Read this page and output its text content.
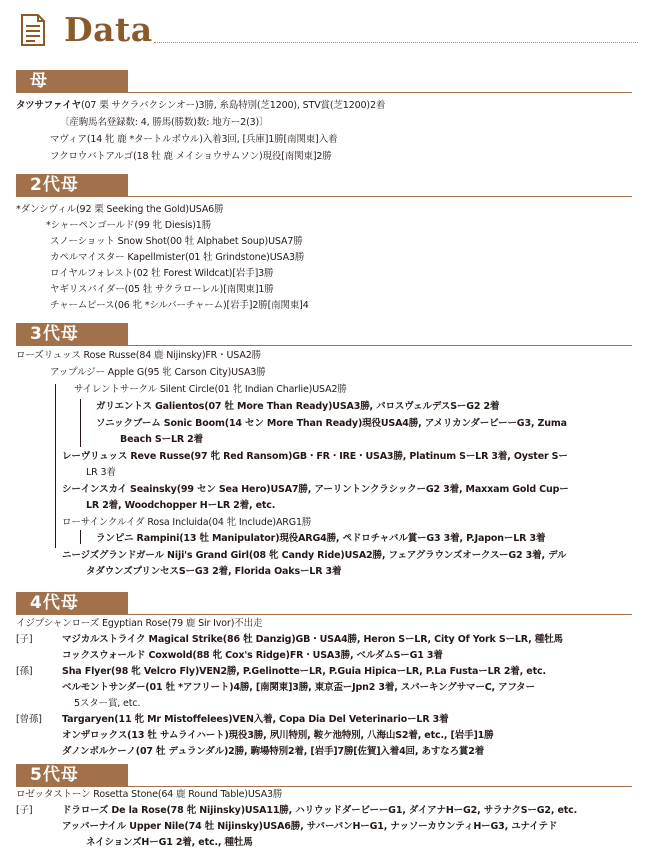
Data
母
タツサファイヤ(07 栗 サクラバクシンオー)3勝, 糸島特別(芝1200), STV賞(芝1200)2着
〔産駒馬名登録数: 4, 勝馬(勝数)数: 地方ー2(3)〕
マヴィア(14 牝 鹿 *タートルボウル)入着3回, [兵庫]1勝[南関東]入着
フクロウバトアルゴ(18 牡 鹿 メイショウサムソン)現役[南関東]2勝
2代母
*ダンシヴィル(92 栗 Seeking the Gold)USA6勝
*シャーペンゴールド(99 牝 Diesis)1勝
スノーショット Snow Shot(00 牡 Alphabet Soup)USA7勝
カペルマイスター Kapellmister(01 牡 Grindstone)USA3勝
ロイヤルフォレスト(02 牡 Forest Wildcat)[岩手]3勝
ヤギリスパイダー(05 牡 サクラローレル)[南関東]1勝
チャームピース(06 牝 *シルバーチャーム)[岩手]2勝[南関東]4
3代母
ローズリュッス Rose Russe(84 鹿 Nijinsky)FR・USA2勝
アップルジー Apple G(95 牝 Carson City)USA3勝
サイレントサークル Silent Circle(01 牝 Indian Charlie)USA2勝
ガリエントス Galientos(07 牡 More Than Ready)USA3勝, パロスヴェルデスSーG2 2着
ソニックブーム Sonic Boom(14 セン More Than Ready)現役USA4勝, アメリカンダービーーG3, Zuma
Beach SーLR 2着
レーヴリュッス Reve Russe(97 牝 Red Ransom)GB・FR・IRE・USA3勝, Platinum SーLR 3着, Oyster Sー
LR 3着
シーインスカイ Seainsky(99 セン Sea Hero)USA7勝, アーリントンクラシックーG2 3着, Maxxam Gold Cupー
LR 2着, Woodchopper HーLR 2着, etc.
ローサインクルイダ Rosa Incluida(04 牝 Include)ARG1勝
ランピニ Rampini(13 牡 Manipulator)現役ARG4勝, ペドロチャバル賞ーG3 3着, P.JaponーLR 3着
ニージズグランドガール Niji's Grand Girl(08 牝 Candy Ride)USA2勝, フェアグラウンズオークスーG2 3着, デル
タダウンズプリンセスSーG3 2着, Florida OaksーLR 3着
4代母
イジプシャンローズ Egyptian Rose(79 鹿 Sir Ivor)不出走
[子]	マジカルストライク Magical Strike(86 牡 Danzig)GB・USA4勝, Heron SーLR, City Of York SーLR, 種牡馬
コックスウォールド Coxwold(88 牝 Cox's Ridge)FR・USA3勝, ベルダムSーG1 3着
[孫]	Sha Flyer(98 牝 Velcro Fly)VEN2勝, P.GelinotteーLR, P.Guia HipicaーLR, P.La FustaーLR 2着, etc.
ベルモントサンダー(01 牡 *アフリート)4勝, [南関東]3勝, 東京盃ーJpn2 3着, スパーキングサマーC, アフター
5スター賞, etc.
[曾孫] Targaryen(11 牝 Mr Mistoffelees)VEN入着, Copa Dia Del VeterinarioーLR 3着
オンザロックス(13 牡 サムライハート)現役3勝, 夙川特別, 鞍ケ池特別, 八海山S2着, etc., [岩手]1勝
ダノンボルケーノ(07 牡 デュランダル)2勝, 駒場特別2着, [岩手]7勝[佐賀]入着4回, あすなろ賞2着
5代母
ロゼッタストーン Rosetta Stone(64 鹿 Round Table)USA3勝
[子]	ドラローズ De la Rose(78 牝 Nijinsky)USA11勝, ハリウッドダービーーG1, ダイアナHーG2, サラナクSーG2, etc.
アッパーナイル Upper Nile(74 牡 Nijinsky)USA6勝, サバーバンHーG1, ナッソーカウンティHーG3, ユナイテド
ネイションズHーG1 2着, etc., 種牡馬
